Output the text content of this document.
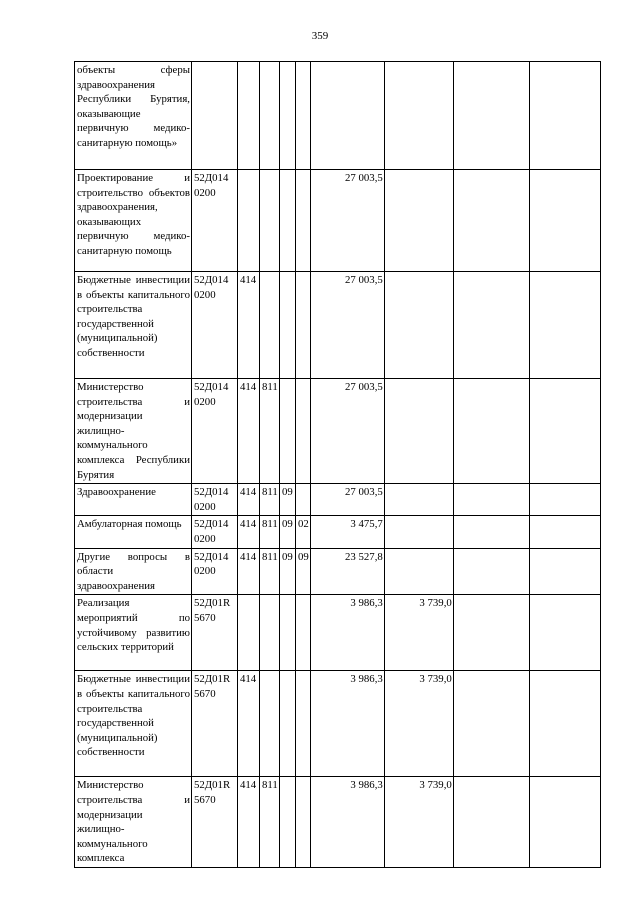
359
объекты сферы здравоохранения Республики Бурятия, оказывающие первичную медико-санитарную помощь»									
Проектирование и строительство объектов здравоохранения, оказывающих первичную медико-санитарную помощь	52Д014 0200					27 003,5			
Бюджетные инвестиции в объекты капитального строительства государственной (муниципальной) собственности	52Д014 0200	414				27 003,5			
Министерство строительства и модернизации жилищно-коммунального комплекса Республики Бурятия	52Д014 0200	414	811			27 003,5			
Здравоохранение	52Д014 0200	414	811	09		27 003,5			
Амбулаторная помощь	52Д014 0200	414	811	09	02	3 475,7			
Другие вопросы в области здравоохранения	52Д014 0200	414	811	09	09	23 527,8			
Реализация мероприятий по устойчивому развитию сельских территорий	52Д01R 5670					3 986,3	3 739,0		
Бюджетные инвестиции в объекты капитального строительства государственной (муниципальной) собственности	52Д01R 5670	414				3 986,3	3 739,0		
Министерство строительства и модернизации жилищно-коммунального комплекса	52Д01R 5670	414	811			3 986,3	3 739,0		
